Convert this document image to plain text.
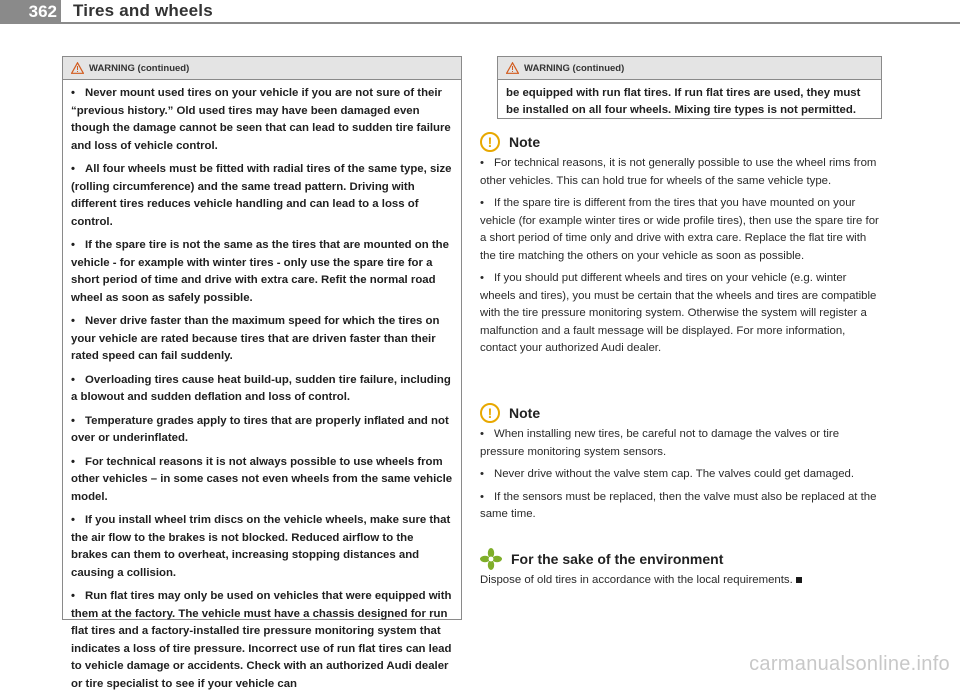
362 Tires and wheels
WARNING (continued)

• Never mount used tires on your vehicle if you are not sure of their “previous history.” Old used tires may have been damaged even though the damage cannot be seen that can lead to sudden tire failure and loss of vehicle control.

• All four wheels must be fitted with radial tires of the same type, size (rolling circumference) and the same tread pattern. Driving with different tires reduces vehicle handling and can lead to a loss of control.

• If the spare tire is not the same as the tires that are mounted on the vehicle - for example with winter tires - only use the spare tire for a short period of time and drive with extra care. Refit the normal road wheel as soon as safely possible.

• Never drive faster than the maximum speed for which the tires on your vehicle are rated because tires that are driven faster than their rated speed can fail suddenly.

• Overloading tires cause heat build-up, sudden tire failure, including a blowout and sudden deflation and loss of control.

• Temperature grades apply to tires that are properly inflated and not over or underinflated.

• For technical reasons it is not always possible to use wheels from other vehicles – in some cases not even wheels from the same vehicle model.

• If you install wheel trim discs on the vehicle wheels, make sure that the air flow to the brakes is not blocked. Reduced airflow to the brakes can them to overheat, increasing stopping distances and causing a collision.

• Run flat tires may only be used on vehicles that were equipped with them at the factory. The vehicle must have a chassis designed for run flat tires and a factory-installed tire pressure monitoring system that indicates a loss of tire pressure. Incorrect use of run flat tires can lead to vehicle damage or accidents. Check with an authorized Audi dealer or tire specialist to see if your vehicle can

WARNING (continued)

be equipped with run flat tires. If run flat tires are used, they must be installed on all four wheels. Mixing tire types is not permitted.

!	Note

• For technical reasons, it is not generally possible to use the wheel rims from other vehicles. This can hold true for wheels of the same vehicle type.

• If the spare tire is different from the tires that you have mounted on your vehicle (for example winter tires or wide profile tires), then use the spare tire for a short period of time only and drive with extra care. Replace the flat tire with the tire matching the others on your vehicle as soon as possible.

• If you should put different wheels and tires on your vehicle (e.g. winter wheels and tires), you must be certain that the wheels and tires are compatible with the tire pressure monitoring system. Otherwise the system will register a malfunction and a fault message will be displayed. For more information, contact your authorized Audi dealer.

!	Note

• When installing new tires, be careful not to damage the valves or tire pressure monitoring system sensors.

• Never drive without the valve stem cap. The valves could get damaged.

• If the sensors must be replaced, then the valve must also be replaced at the same time.

For the sake of the environment

Dispose of old tires in accordance with the local requirements.

carmanualsonline.info
